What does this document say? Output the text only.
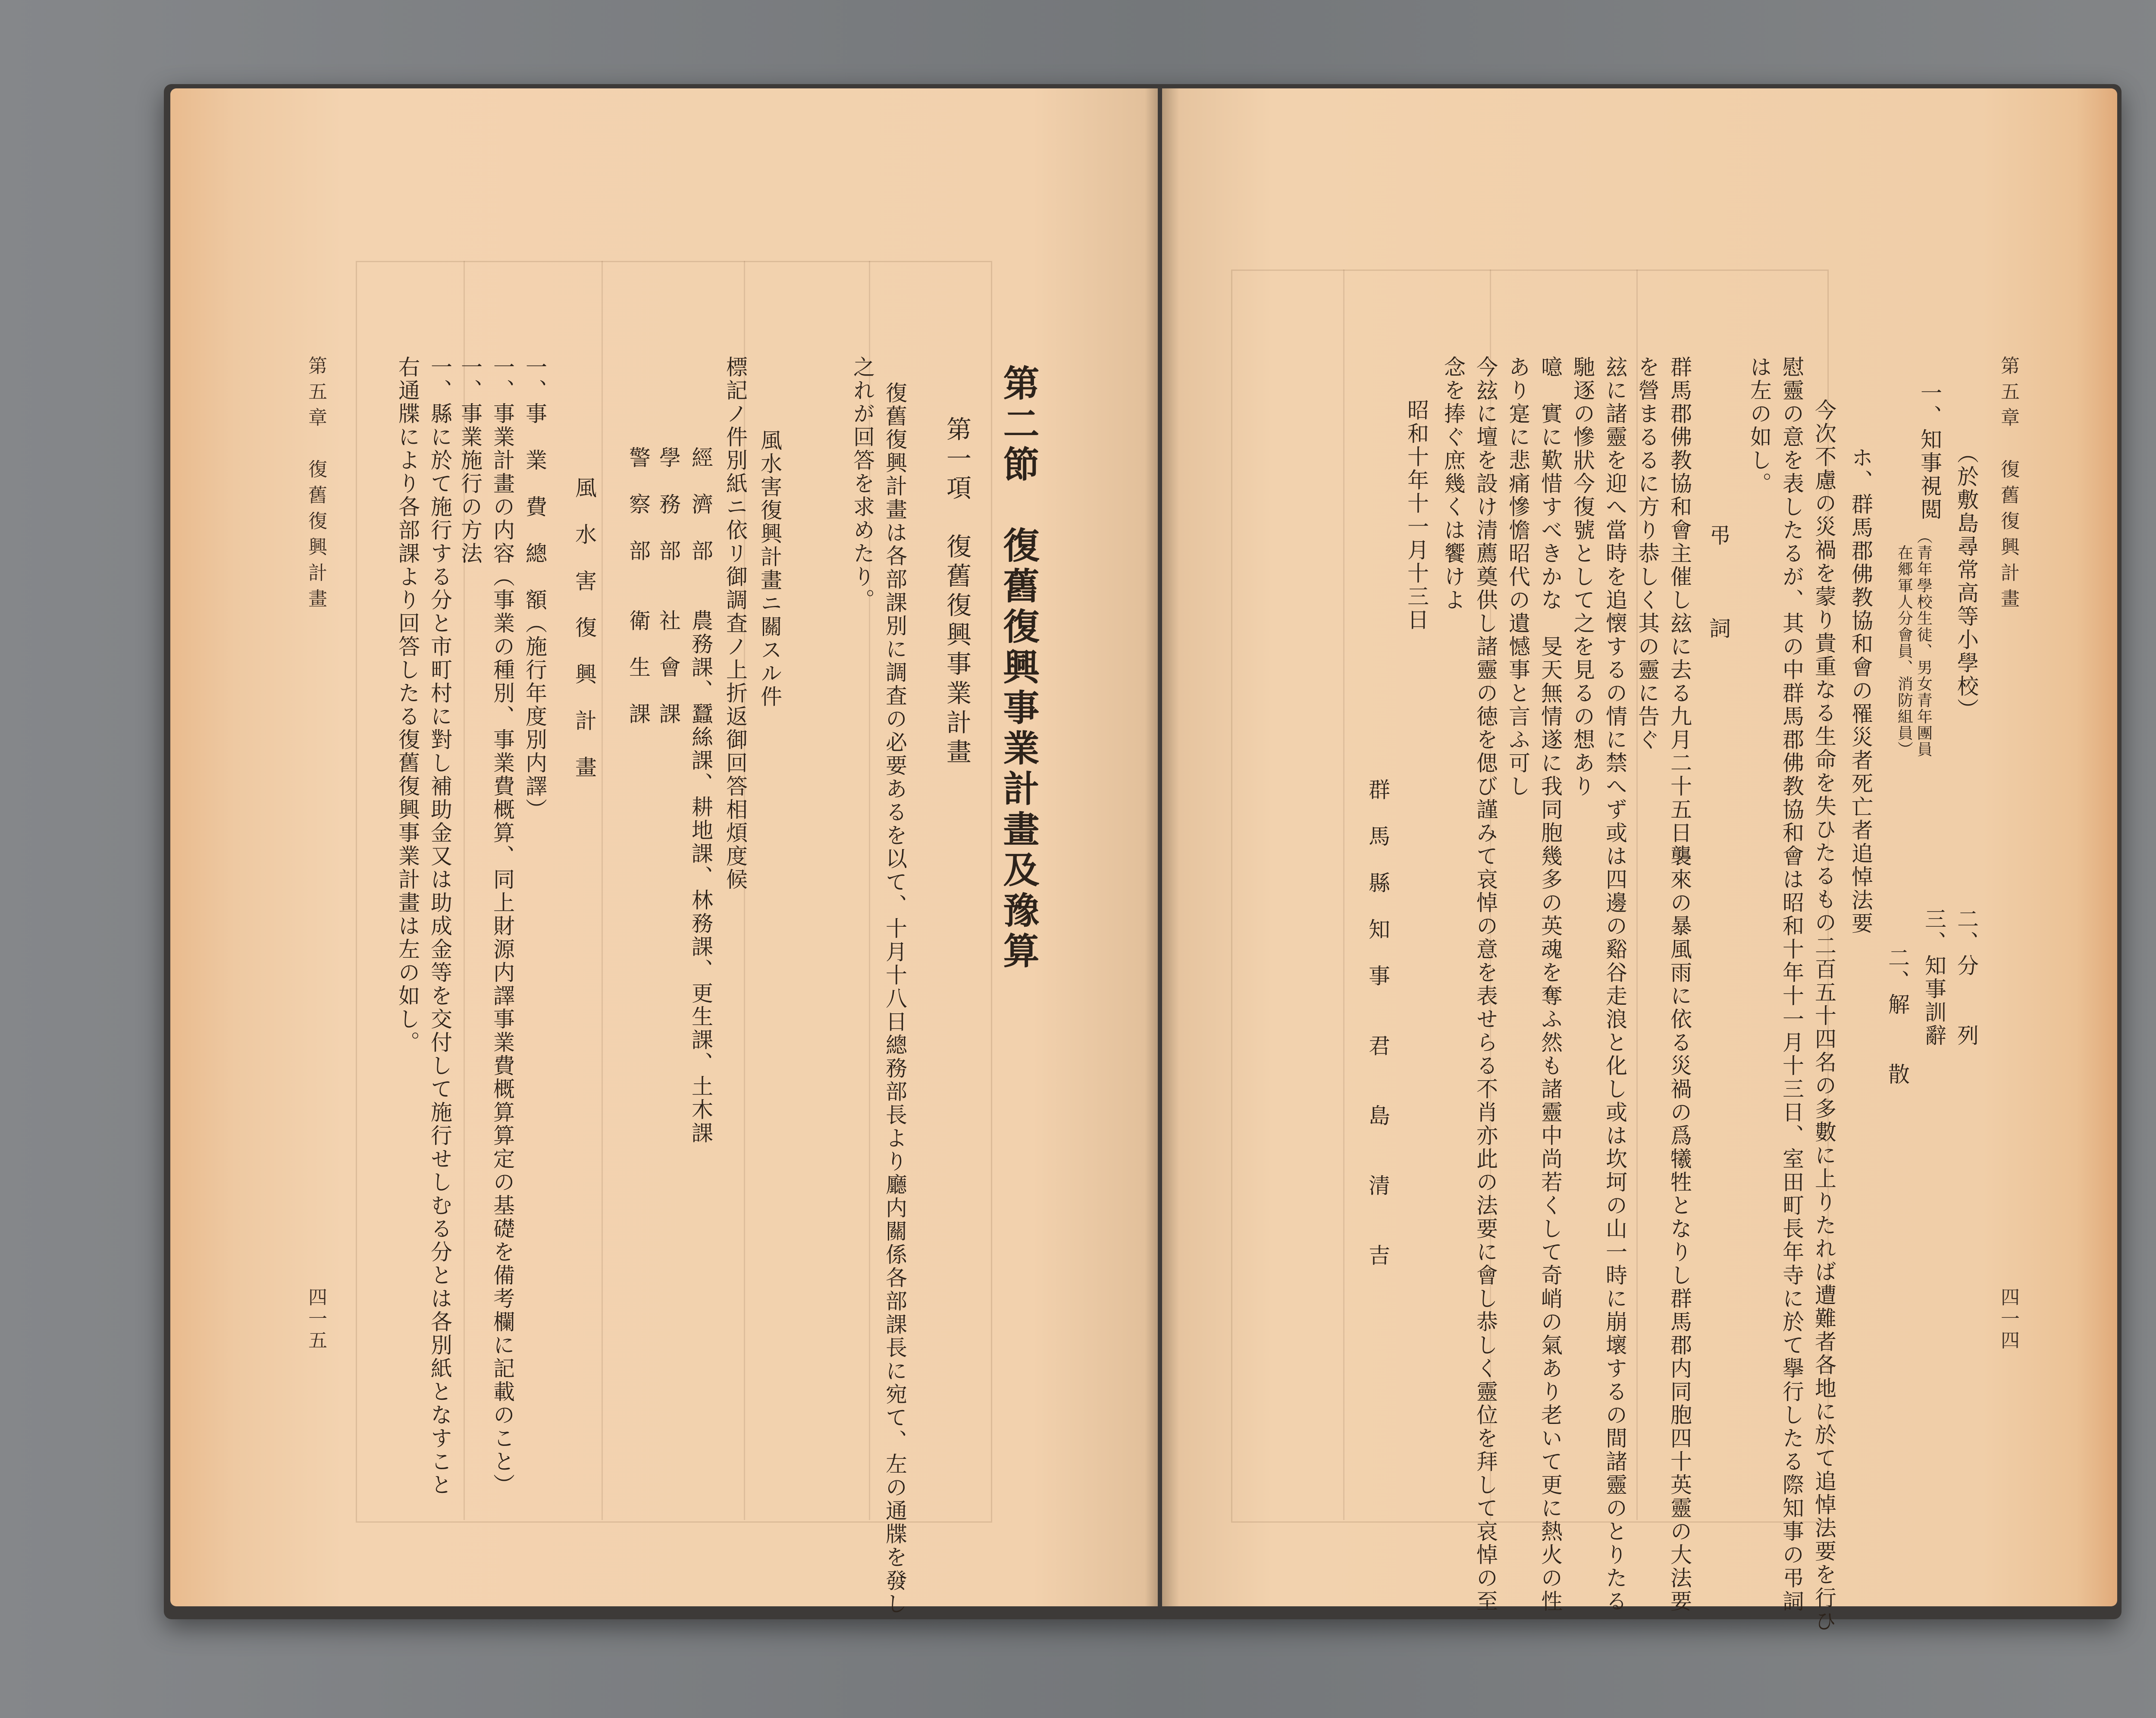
第五章　復舊復興計畫
四一五
右通牒により各部課より回答したる復舊復興事業計畫は左の如し。 一、縣に於て施行する分と市町村に對し補助金又は助成金等を交付して施行せしむる分とは各別紙となすこと 一、事業施行の方法 一、事業計畫の内容（事業の種別、事業費概算、同上財源内譯事業費概算算定の基礎を備考欄に記載のこと） 一、事　業　費　總　額（施行年度別内譯） 風　水　害　復　興　計　畫 警　察　部　　衛　生　課 學　務　部　　社　會　課 經　濟　部　　農務課、蠶絲課、耕地課、林務課、更生課、土木課 標記ノ件別紙ニ依リ御調査ノ上折返御回答相煩度候 風水害復興計畫ニ關スル件	之れが回答を求めたり。 復舊復興計畫は各部課別に調査の必要あるを以て、十月十八日總務部長より廳内關係各部課長に宛て、左の通牒を發し 第一項　復舊復興事業計畫 第二節　復舊復興事業計畫及豫算	第五章　復舊復興計畫
四一四
（於敷島尋常高等小學校）
一、知事視閲
（青年學校生徒、男女青年團員
　在郷軍人分會員、消防組員）
二、分　　列
三、知事訓辭
二、解　　散
ホ、群馬郡佛教協和會の罹災者死亡者追悼法要
今次不慮の災禍を蒙り貴重なる生命を失ひたるもの二百五十四名の多數に上りたれば遭難者各地に於て追悼法要を行ひ
慰靈の意を表したるが、其の中群馬郡佛教協和會は昭和十年十一月十三日、室田町長年寺に於て擧行したる際知事の弔詞
は左の如し。
弔　　　詞
群馬郡佛教協和會主催し玆に去る九月二十五日襲來の暴風雨に依る災禍の爲犧牲となりし群馬郡内同胞四十英靈の大法要
を營まるるに方り恭しく其の靈に告ぐ
玆に諸靈を迎へ當時を追懐するの情に禁へず或は四邊の谿谷走浪と化し或は坎坷の山一時に崩壞するの間諸靈のとりたる
馳逐の慘狀今復號として之を見るの想あり
噫　實に歎惜すべきかな　旻天無情遂に我同胞幾多の英魂を奪ふ然も諸靈中尚若くして奇峭の氣あり老いて更に熱火の性
あり寔に悲痛慘憺昭代の遺憾事と言ふ可し
今玆に壇を設け清薦奠供し諸靈の徳を偲び謹みて哀悼の意を表せらる不肖亦此の法要に會し恭しく靈位を拜して哀悼の至
念を捧ぐ庶幾くは饗けよ
昭和十年十一月十三日
群　馬　縣　知　事　　君　　島　　清　　吉
